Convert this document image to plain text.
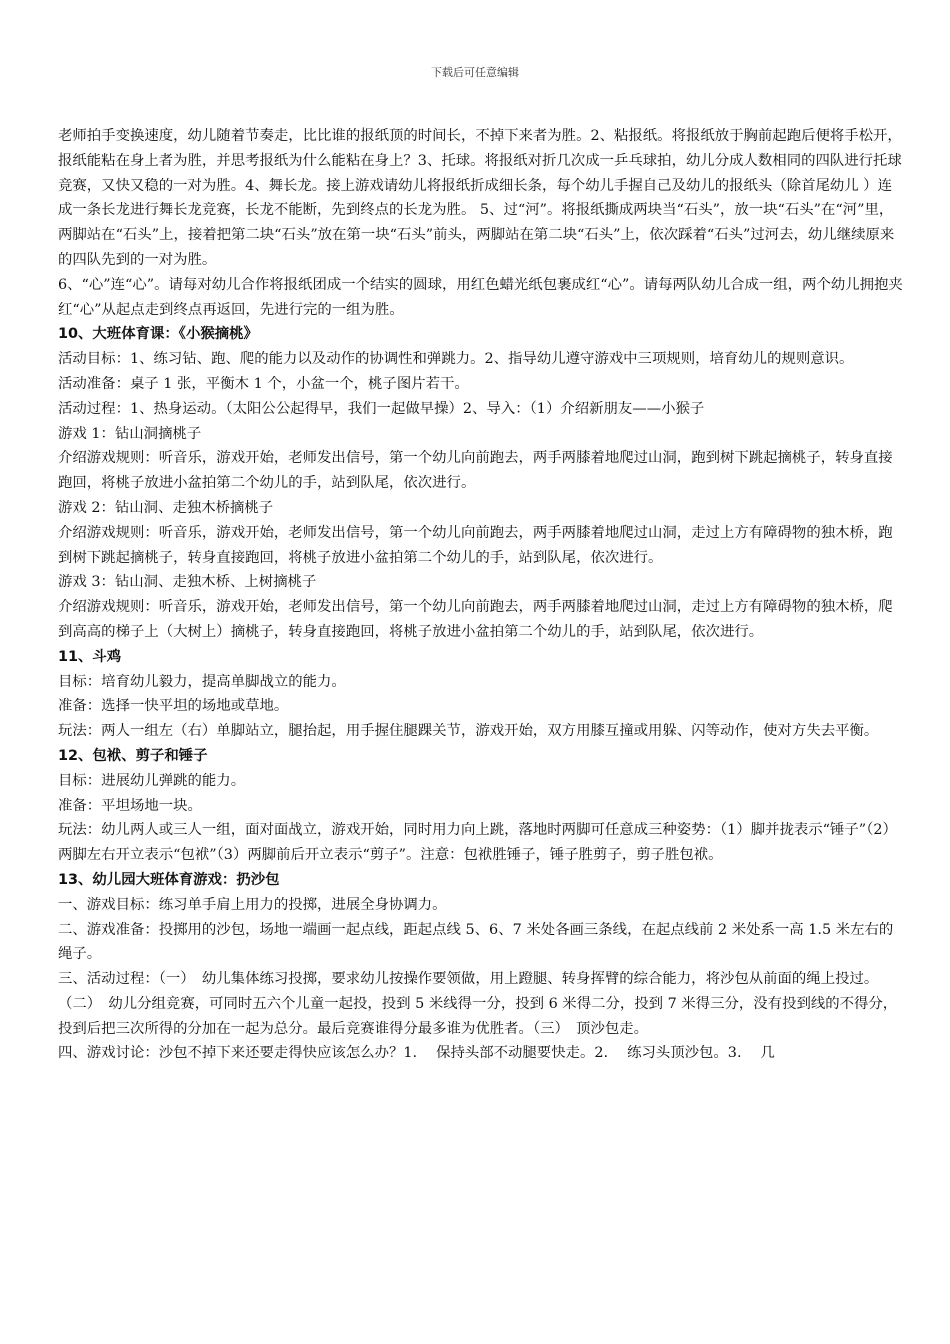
下载后可任意编辑

老师拍手变换速度，幼儿随着节奏走，比比谁的报纸顶的时间长，不掉下来者为胜。2、粘报纸。将报纸放于胸前起跑后便将手松开，报纸能粘在身上者为胜，并思考报纸为什么能粘在身上？3、托球。将报纸对折几次成一乒乓球拍，幼儿分成人数相同的四队进行托球竞赛，又快又稳的一对为胜。4、舞长龙。接上游戏请幼儿将报纸折成细长条，每个幼儿手握自己及幼儿的报纸头（除首尾幼儿 ）连成一条长龙进行舞长龙竞赛，长龙不能断，先到终点的长龙为胜。 5、过“河”。将报纸撕成两块当“石头”，放一块“石头”在“河”里，两脚站在“石头”上，接着把第二块“石头”放在第一块“石头”前头，两脚站在第二块“石头”上，依次踩着“石头”过河去，幼儿继续原来的四队先到的一对为胜。

6、“心”连“心”。请每对幼儿合作将报纸团成一个结实的圆球，用红色蜡光纸包裹成红“心”。请每两队幼儿合成一组，两个幼儿拥抱夹红“心”从起点走到终点再返回，先进行完的一组为胜。

10、大班体育课：《小猴摘桃》

活动目标：1、练习钻、跑、爬的能力以及动作的协调性和弹跳力。2、指导幼儿遵守游戏中三项规则，培育幼儿的规则意识。

活动准备：桌子 1 张，平衡木 1 个，小盆一个，桃子图片若干。

活动过程：1、热身运动。（太阳公公起得早，我们一起做早操）2、导入：（1）介绍新朋友——小猴子

游戏 1：钻山洞摘桃子

介绍游戏规则：听音乐，游戏开始，老师发出信号，第一个幼儿向前跑去，两手两膝着地爬过山洞，跑到树下跳起摘桃子，转身直接跑回，将桃子放进小盆拍第二个幼儿的手，站到队尾，依次进行。

游戏 2：钻山洞、走独木桥摘桃子

介绍游戏规则：听音乐，游戏开始，老师发出信号，第一个幼儿向前跑去，两手两膝着地爬过山洞，走过上方有障碍物的独木桥，跑到树下跳起摘桃子，转身直接跑回，将桃子放进小盆拍第二个幼儿的手，站到队尾，依次进行。

游戏 3：钻山洞、走独木桥、上树摘桃子

介绍游戏规则：听音乐，游戏开始，老师发出信号，第一个幼儿向前跑去，两手两膝着地爬过山洞，走过上方有障碍物的独木桥，爬到高高的梯子上（大树上）摘桃子，转身直接跑回，将桃子放进小盆拍第二个幼儿的手，站到队尾，依次进行。

11、斗鸡

目标：培育幼儿毅力，提高单脚战立的能力。

准备：选择一快平坦的场地或草地。

玩法：两人一组左（右）单脚站立，腿抬起，用手握住腿踝关节，游戏开始，双方用膝互撞或用躲、闪等动作，使对方失去平衡。

12、包袱、剪子和锤子

目标：进展幼儿弹跳的能力。

准备：平坦场地一块。

玩法：幼儿两人或三人一组，面对面战立，游戏开始，同时用力向上跳，落地时两脚可任意成三种姿势：（1）脚并拢表示“锤子”（2）两脚左右开立表示“包袱”（3）两脚前后开立表示“剪子”。注意：包袱胜锤子，锤子胜剪子，剪子胜包袱。

13、幼儿园大班体育游戏：扔沙包

一、游戏目标：练习单手肩上用力的投掷，进展全身协调力。

二、游戏准备：投掷用的沙包，场地一端画一起点线，距起点线 5、6、7 米处各画三条线，在起点线前 2 米处系一高 1.5 米左右的绳子。

三、活动过程：（一）　幼儿集体练习投掷，要求幼儿按操作要领做，用上蹬腿、转身挥臂的综合能力，将沙包从前面的绳上投过。（二）　幼儿分组竞赛，可同时五六个儿童一起投，投到 5 米线得一分，投到 6 米得二分，投到 7 米得三分，没有投到线的不得分，投到后把三次所得的分加在一起为总分。最后竞赛谁得分最多谁为优胜者。（三）　顶沙包走。

四、游戏讨论：沙包不掉下来还要走得快应该怎么办？1.　 保持头部不动腿要快走。2.　 练习头顶沙包。3.　 几
